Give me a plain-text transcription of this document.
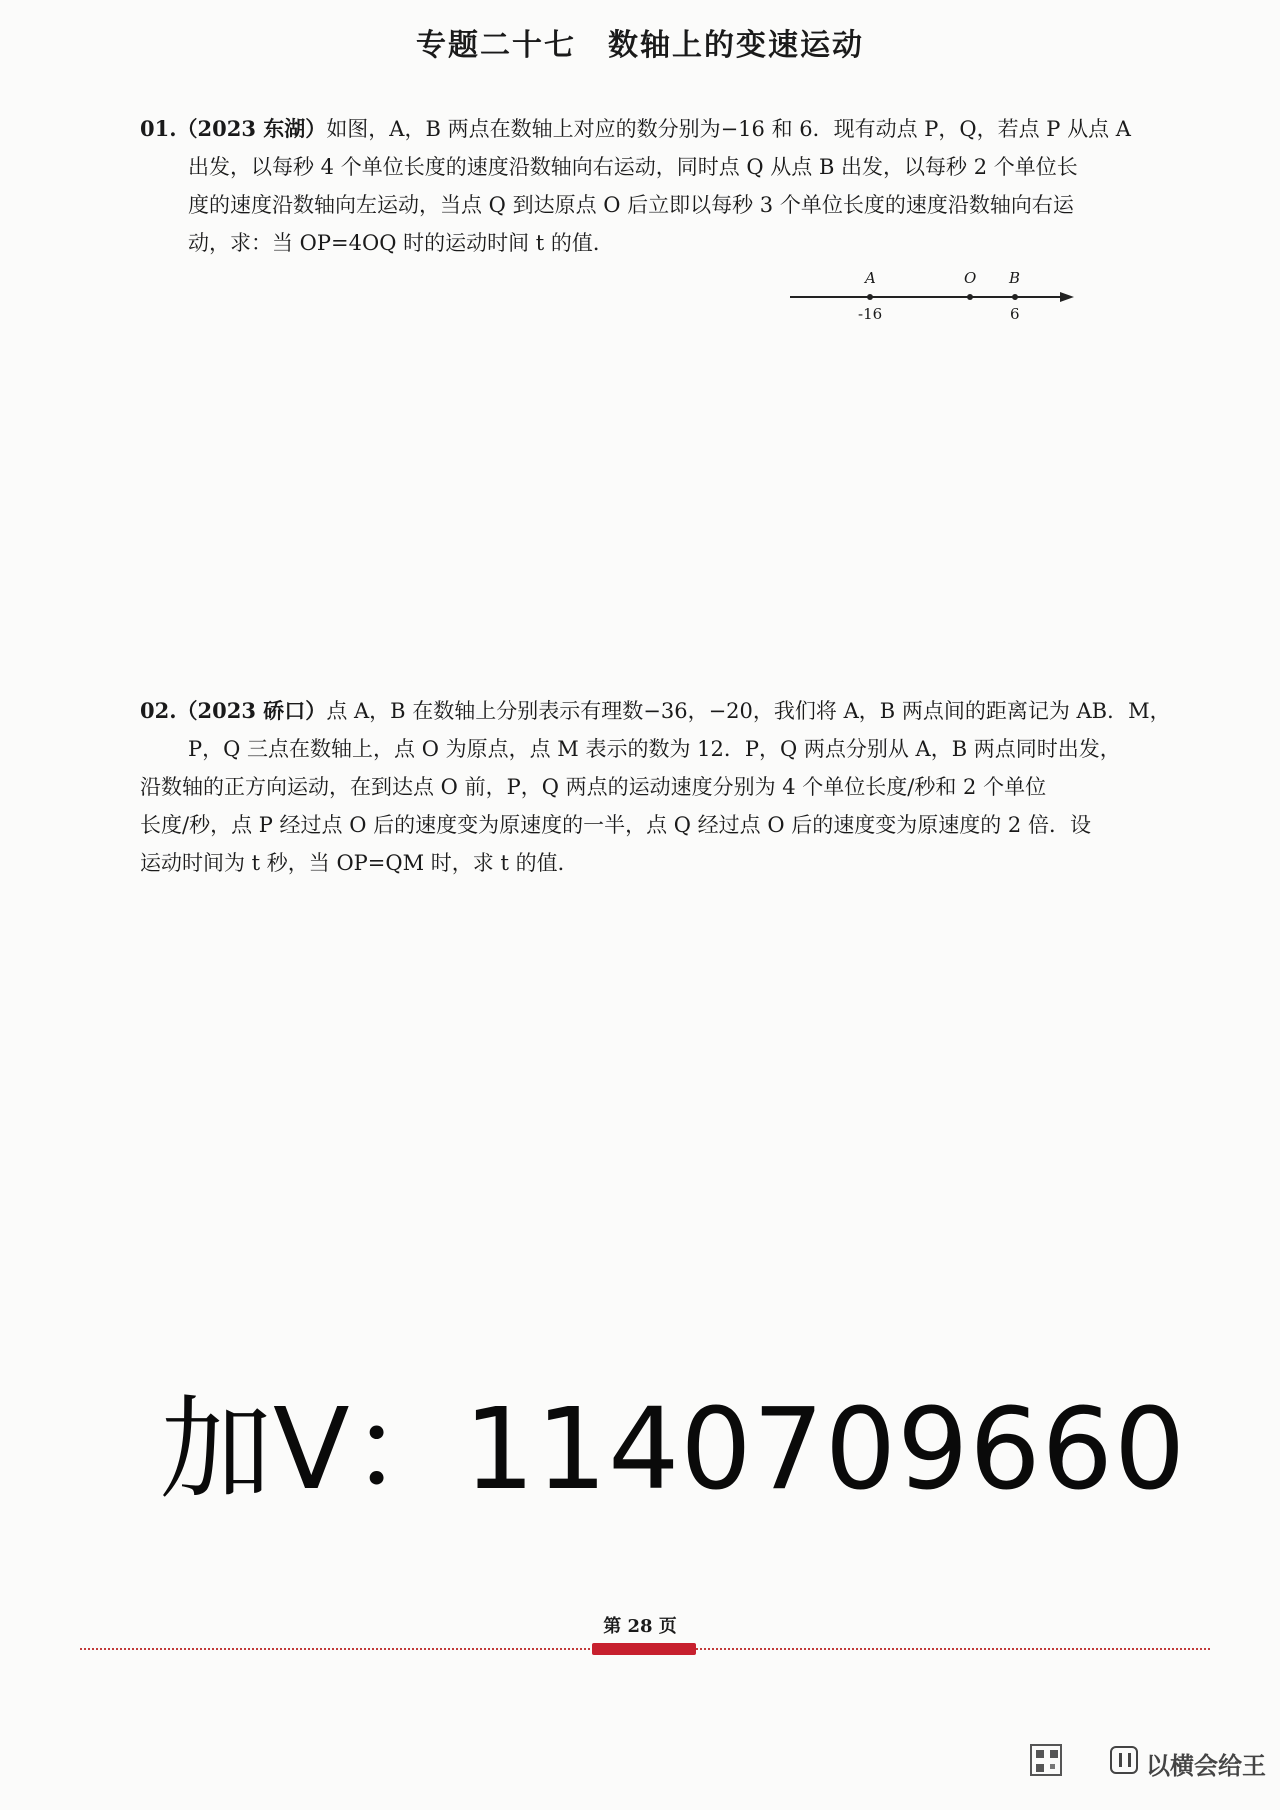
专题二十七　数轴上的变速运动
01.（2023 东湖）如图，A，B 两点在数轴上对应的数分别为−16 和 6．现有动点 P，Q，若点 P 从点 A
出发，以每秒 4 个单位长度的速度沿数轴向右运动，同时点 Q 从点 B 出发，以每秒 2 个单位长
度的速度沿数轴向左运动，当点 Q 到达原点 O 后立即以每秒 3 个单位长度的速度沿数轴向右运
动，求：当 OP=4OQ 时的运动时间 t 的值．
A	O B
-16	6
02.（2023 硚口）点 A，B 在数轴上分别表示有理数−36，−20，我们将 A，B 两点间的距离记为 AB．M，
P，Q 三点在数轴上，点 O 为原点，点 M 表示的数为 12．P，Q 两点分别从 A，B 两点同时出发，
沿数轴的正方向运动，在到达点 O 前，P，Q 两点的运动速度分别为 4 个单位长度/秒和 2 个单位
长度/秒，点 P 经过点 O 后的速度变为原速度的一半，点 Q 经过点 O 后的速度变为原速度的 2 倍．设
运动时间为 t 秒，当 OP=QM 时，求 t 的值．
加V：1140709660
第 28 页
以横会给王
